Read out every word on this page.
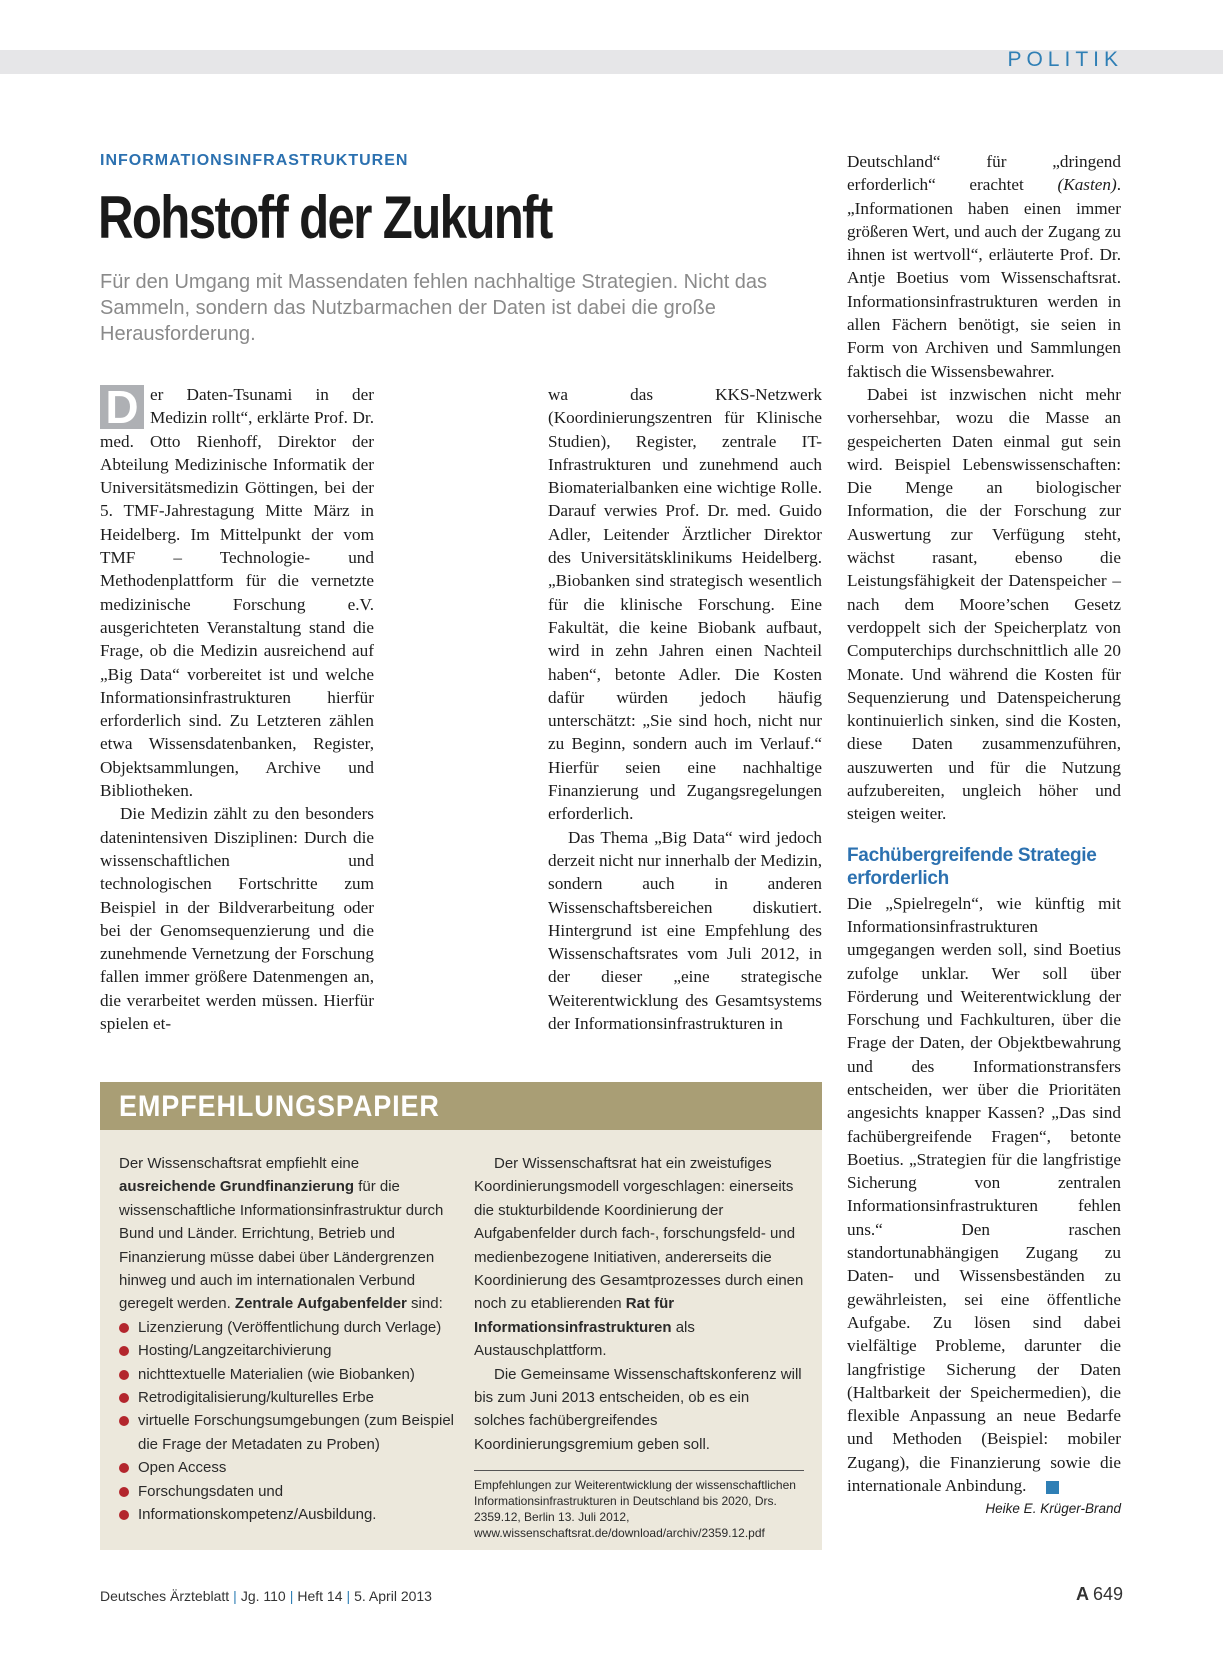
POLITIK
INFORMATIONSINFRASTRUKTUREN
Rohstoff der Zukunft
Für den Umgang mit Massendaten fehlen nachhaltige Strategien. Nicht das Sammeln, sondern das Nutzbarmachen der Daten ist dabei die große Herausforderung.

D er Daten-Tsunami in der Medizin rollt“, erklärte Prof. Dr. med. Otto Rienhoff, Direktor der Abteilung Medizinische Informatik der Universitätsmedizin Göttingen, bei der 5. TMF-Jahrestagung Mitte März in Heidelberg. Im Mittelpunkt der vom TMF – Technologie- und Methodenplattform für die vernetzte medizinische Forschung e.V. ausgerichteten Veranstaltung stand die Frage, ob die Medizin ausreichend auf „Big Data“ vorbereitet ist und welche Informationsinfrastrukturen hierfür erforderlich sind. Zu Letzteren zählen etwa Wissensdatenbanken, Register, Objektsammlungen, Archive und Bibliotheken.

Die Medizin zählt zu den besonders datenintensiven Disziplinen: Durch die wissenschaftlichen und technologischen Fortschritte zum Beispiel in der Bildverarbeitung oder bei der Genomsequenzierung und die zunehmende Vernetzung der Forschung fallen immer größere Datenmengen an, die verarbeitet werden müssen. Hierfür spielen et-

wa das KKS-Netzwerk (Koordinierungszentren für Klinische Studien), Register, zentrale IT-Infrastrukturen und zunehmend auch Biomaterialbanken eine wichtige Rolle. Darauf verwies Prof. Dr. med. Guido Adler, Leitender Ärztlicher Direktor des Universitätsklinikums Heidelberg. „Biobanken sind strategisch wesentlich für die klinische Forschung. Eine Fakultät, die keine Biobank aufbaut, wird in zehn Jahren einen Nachteil haben“, betonte Adler. Die Kosten dafür würden jedoch häufig unterschätzt: „Sie sind hoch, nicht nur zu Beginn, sondern auch im Verlauf.“ Hierfür seien eine nachhaltige Finanzierung und Zugangsregelungen erforderlich.

Das Thema „Big Data“ wird jedoch derzeit nicht nur innerhalb der Medizin, sondern auch in anderen Wissenschaftsbereichen diskutiert. Hintergrund ist eine Empfehlung des Wissenschaftsrates vom Juli 2012, in der dieser „eine strategische Weiterentwicklung des Gesamtsystems der Informationsinfrastrukturen in

Deutschland“ für „dringend erforderlich“ erachtet (Kasten). „Informationen haben einen immer größeren Wert, und auch der Zugang zu ihnen ist wertvoll“, erläuterte Prof. Dr. Antje Boetius vom Wissenschaftsrat. Informationsinfrastrukturen werden in allen Fächern benötigt, sie seien in Form von Archiven und Sammlungen faktisch die Wissensbewahrer.

Dabei ist inzwischen nicht mehr vorhersehbar, wozu die Masse an gespeicherten Daten einmal gut sein wird. Beispiel Lebenswissenschaften: Die Menge an biologischer Information, die der Forschung zur Auswertung zur Verfügung steht, wächst rasant, ebenso die Leistungsfähigkeit der Datenspeicher – nach dem Moore’schen Gesetz verdoppelt sich der Speicherplatz von Computerchips durchschnittlich alle 20 Monate. Und während die Kosten für Sequenzierung und Datenspeicherung kontinuierlich sinken, sind die Kosten, diese Daten zusammenzuführen, auszuwerten und für die Nutzung aufzubereiten, ungleich höher und steigen weiter.

Fachübergreifende Strategie erforderlich

Die „Spielregeln“, wie künftig mit Informationsinfrastrukturen umgegangen werden soll, sind Boetius zufolge unklar. Wer soll über Förderung und Weiterentwicklung der Forschung und Fachkulturen, über die Frage der Daten, der Objektbewahrung und des Informationstransfers entscheiden, wer über die Prioritäten angesichts knapper Kassen? „Das sind fachübergreifende Fragen“, betonte Boetius. „Strategien für die langfristige Sicherung von zentralen Informationsinfrastrukturen fehlen uns.“ Den raschen standortunabhängigen Zugang zu Daten- und Wissensbeständen zu gewährleisten, sei eine öffentliche Aufgabe. Zu lösen sind dabei vielfältige Probleme, darunter die langfristige Sicherung der Daten (Haltbarkeit der Speichermedien), die flexible Anpassung an neue Bedarfe und Methoden (Beispiel: mobiler Zugang), die Finanzierung sowie die internationale Anbindung.

Heike E. Krüger-Brand
EMPFEHLUNGSPAPIER

Der Wissenschaftsrat empfiehlt eine ausreichende Grundfinanzierung für die wissenschaftliche Informationsinfrastruktur durch Bund und Länder. Errichtung, Betrieb und Finanzierung müsse dabei über Ländergrenzen hinweg und auch im internationalen Verbund geregelt werden. Zentrale Aufgabenfelder sind:

Lizenzierung (Veröffentlichung durch Verlage)
Hosting/Langzeitarchivierung
nichttextuelle Materialien (wie Biobanken)
Retrodigitalisierung/kulturelles Erbe
virtuelle Forschungsumgebungen (zum Beispiel die Frage der Metadaten zu Proben)
Open Access
Forschungsdaten und
Informationskompetenz/Ausbildung.

Der Wissenschaftsrat hat ein zweistufiges Koordinierungsmodell vorgeschlagen: einerseits die stukturbildende Koordinierung der Aufgabenfelder durch fach-, forschungsfeld- und medienbezogene Initiativen, andererseits die Koordinierung des Gesamtprozesses durch einen noch zu etablierenden Rat für Informationsinfrastrukturen als Austauschplattform.

Die Gemeinsame Wissenschaftskonferenz will bis zum Juni 2013 entscheiden, ob es ein solches fachübergreifendes Koordinierungsgremium geben soll.

Empfehlungen zur Weiterentwicklung der wissenschaftlichen Informationsinfrastrukturen in Deutschland bis 2020, Drs. 2359.12, Berlin 13. Juli 2012, www.wissenschaftsrat.de/download/archiv/2359.12.pdf
Deutsches Ärzteblatt | Jg. 110 | Heft 14 | 5. April 2013	A 649
